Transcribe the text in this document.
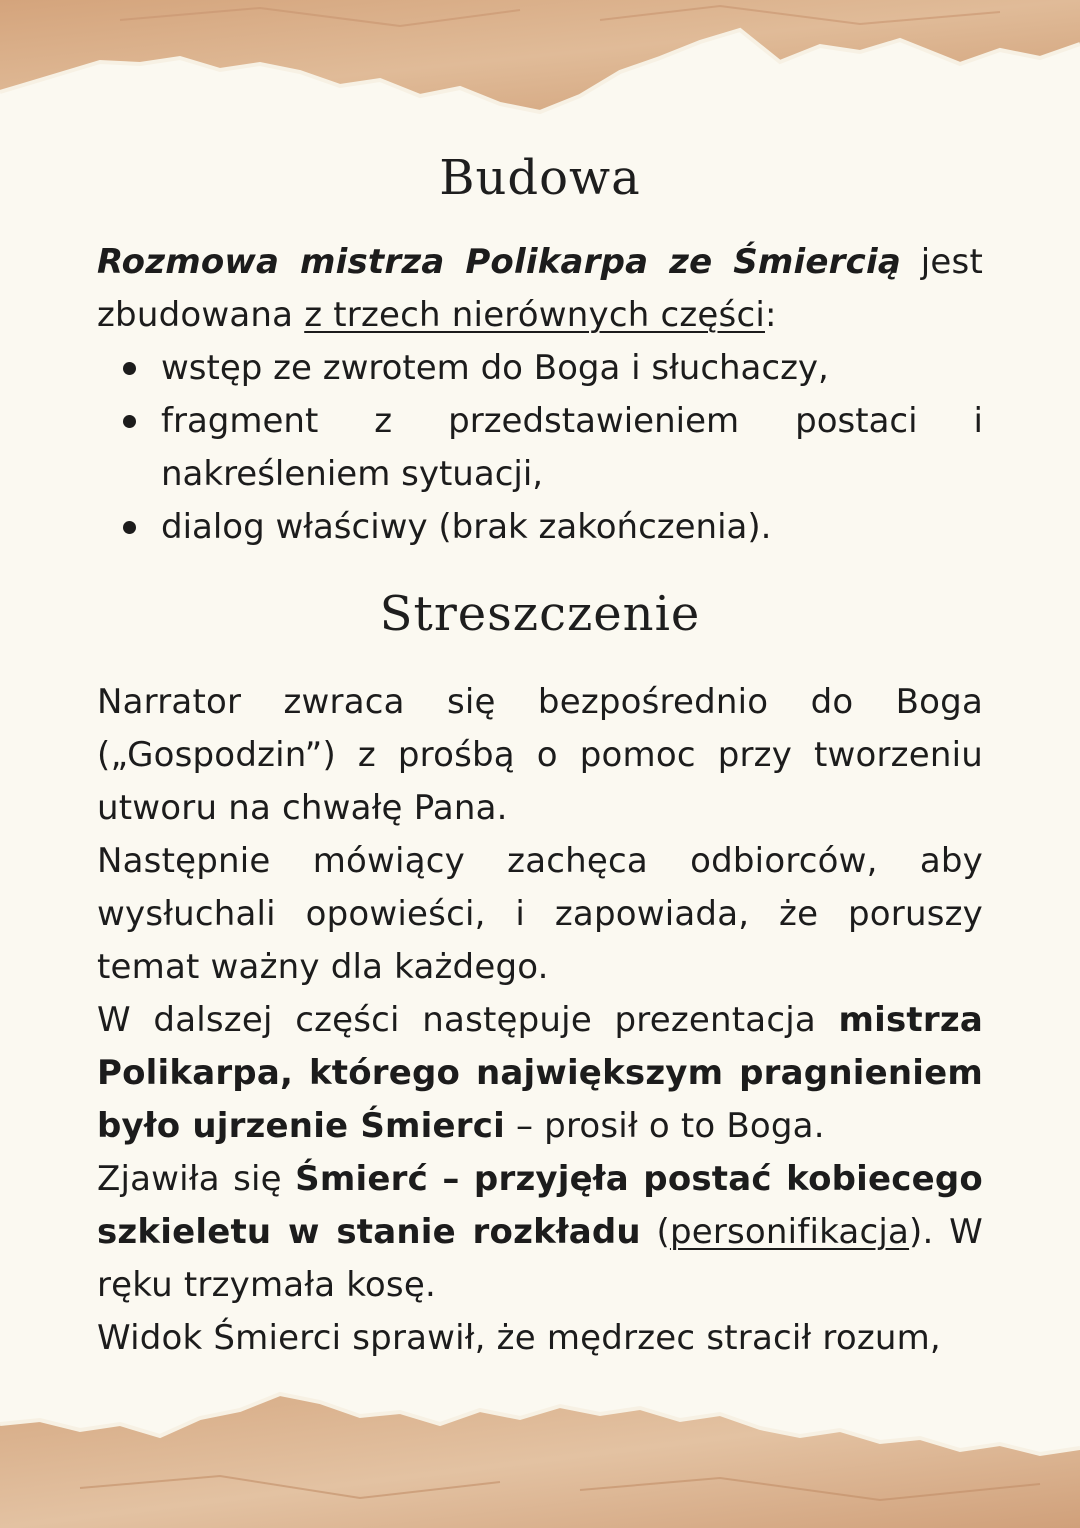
Budowa

Rozmowa mistrza Polikarpa ze Śmiercią jest zbudowana z trzech nierównych części:

wstęp ze zwrotem do Boga i słuchaczy,
fragment z przedstawieniem postaci i nakreśleniem sytuacji,
dialog właściwy (brak zakończenia).
Streszczenie

Narrator zwraca się bezpośrednio do Boga („Gospodzin”) z prośbą o pomoc przy tworzeniu utworu na chwałę Pana.

Następnie mówiący zachęca odbiorców, aby wysłuchali opowieści, i zapowiada, że poruszy temat ważny dla każdego.

W dalszej części następuje prezentacja mistrza Polikarpa, którego największym pragnieniem było ujrzenie Śmierci – prosił o to Boga.

Zjawiła się Śmierć – przyjęła postać kobiecego szkieletu w stanie rozkładu (personifikacja). W ręku trzymała kosę.

Widok Śmierci sprawił, że mędrzec stracił rozum,
